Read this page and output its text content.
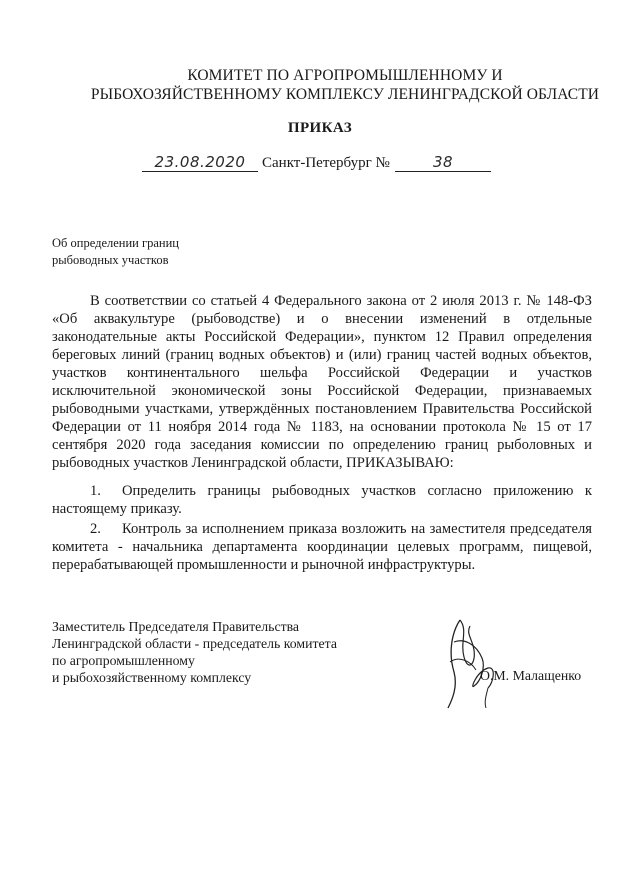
КОМИТЕТ ПО АГРОПРОМЫШЛЕННОМУ И
РЫБОХОЗЯЙСТВЕННОМУ КОМПЛЕКСУ ЛЕНИНГРАДСКОЙ ОБЛАСТИ
ПРИКАЗ
23.08.2020	Санкт-Петербург №	38
Об определении границ
рыбоводных участков

В соответствии со статьей 4 Федерального закона от 2 июля 2013 г. № 148-ФЗ «Об аквакультуре (рыбоводстве) и о внесении изменений в отдельные законодательные акты Российской Федерации», пунктом 12 Правил определения береговых линий (границ водных объектов) и (или) границ частей водных объектов, участков континентального шельфа Российской Федерации и участков исключительной экономической зоны Российской Федерации, признаваемых рыбоводными участками, утверждённых постановлением Правительства Российской Федерации от 11 ноября 2014 года № 1183, на основании протокола № 15 от 17 сентября 2020 года заседания комиссии по определению границ рыболовных и рыбоводных участков Ленинградской области, ПРИКАЗЫВАЮ:

1. Определить границы рыбоводных участков согласно приложению к настоящему приказу.

2. Контроль за исполнением приказа возложить на заместителя председателя комитета - начальника департамента координации целевых программ, пищевой, перерабатывающей промышленности и рыночной инфраструктуры.

Заместитель Председателя Правительства
Ленинградской области - председатель комитета
по агропромышленному
и рыбохозяйственному комплексу	О.М. Малащенко
